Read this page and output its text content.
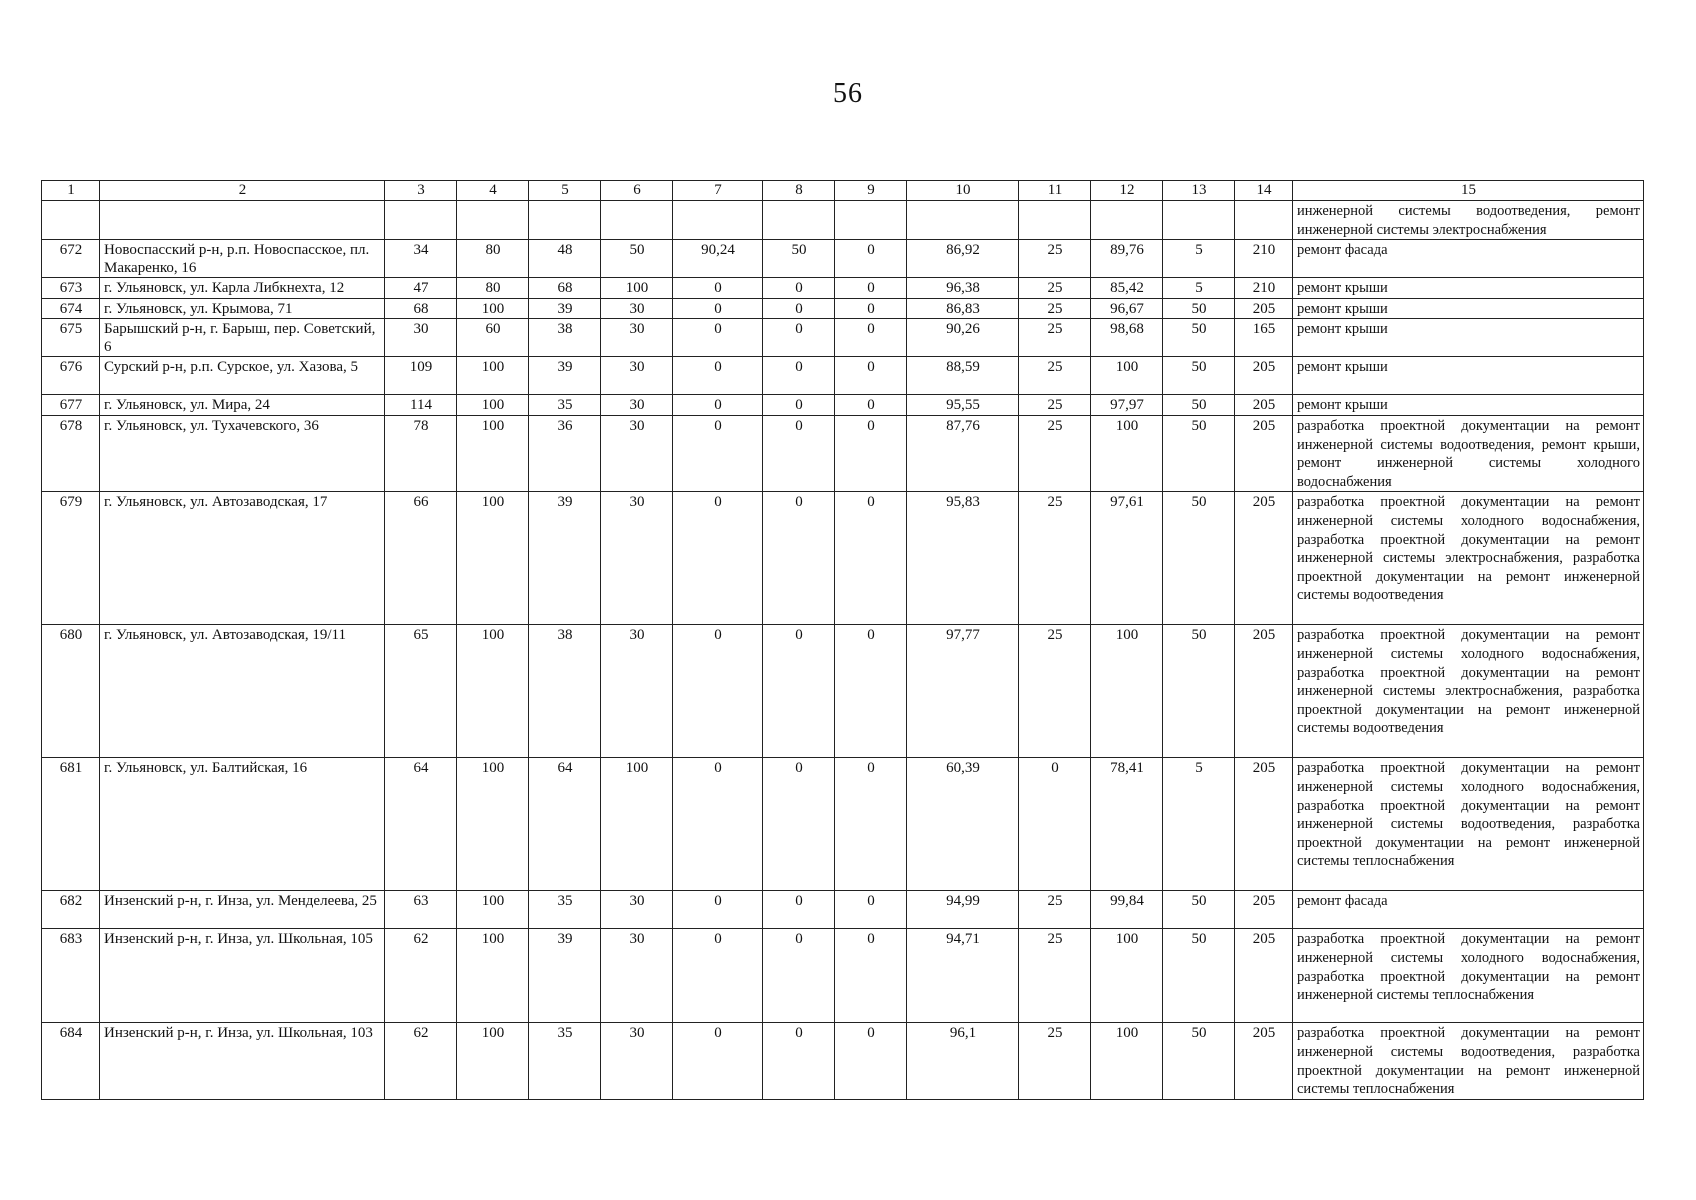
56
1	2	3	4	5	6	7	8	9	10	11	12	13	14	15
														инженерной системы водоотведения, ремонт инженерной системы электроснабжения
672	Новоспасский р-н, р.п. Новоспасское, пл. Макаренко, 16	34	80	48	50	90,24	50	0	86,92	25	89,76	5	210	ремонт фасада
673	г. Ульяновск, ул. Карла Либкнехта, 12	47	80	68	100	0	0	0	96,38	25	85,42	5	210	ремонт крыши
674	г. Ульяновск, ул. Крымова, 71	68	100	39	30	0	0	0	86,83	25	96,67	50	205	ремонт крыши
675	Барышский р-н, г. Барыш, пер. Советский, 6	30	60	38	30	0	0	0	90,26	25	98,68	50	165	ремонт крыши
676	Сурский р-н, р.п. Сурское, ул. Хазова, 5	109	100	39	30	0	0	0	88,59	25	100	50	205	ремонт крыши
677	г. Ульяновск, ул. Мира, 24	114	100	35	30	0	0	0	95,55	25	97,97	50	205	ремонт крыши
678	г. Ульяновск, ул. Тухачевского, 36	78	100	36	30	0	0	0	87,76	25	100	50	205	разработка проектной документации на ремонт инженерной системы водоотведения, ремонт крыши, ремонт инженерной системы холодного водоснабжения
679	г. Ульяновск, ул. Автозаводская, 17	66	100	39	30	0	0	0	95,83	25	97,61	50	205	разработка проектной документации на ремонт инженерной системы холодного водоснабжения, разработка проектной документации на ремонт инженерной системы электроснабжения, разработка проектной документации на ремонт инженерной системы водоотведения
680	г. Ульяновск, ул. Автозаводская, 19/11	65	100	38	30	0	0	0	97,77	25	100	50	205	разработка проектной документации на ремонт инженерной системы холодного водоснабжения, разработка проектной документации на ремонт инженерной системы электроснабжения, разработка проектной документации на ремонт инженерной системы водоотведения
681	г. Ульяновск, ул. Балтийская, 16	64	100	64	100	0	0	0	60,39	0	78,41	5	205	разработка проектной документации на ремонт инженерной системы холодного водоснабжения, разработка проектной документации на ремонт инженерной системы водоотведения, разработка проектной документации на ремонт инженерной системы теплоснабжения
682	Инзенский р-н, г. Инза, ул. Менделеева, 25	63	100	35	30	0	0	0	94,99	25	99,84	50	205	ремонт фасада
683	Инзенский р-н, г. Инза, ул. Школьная, 105	62	100	39	30	0	0	0	94,71	25	100	50	205	разработка проектной документации на ремонт инженерной системы холодного водоснабжения, разработка проектной документации на ремонт инженерной системы теплоснабжения
684	Инзенский р-н, г. Инза, ул. Школьная, 103	62	100	35	30	0	0	0	96,1	25	100	50	205	разработка проектной документации на ремонт инженерной системы водоотведения, разработка проектной документации на ремонт инженерной системы теплоснабжения
